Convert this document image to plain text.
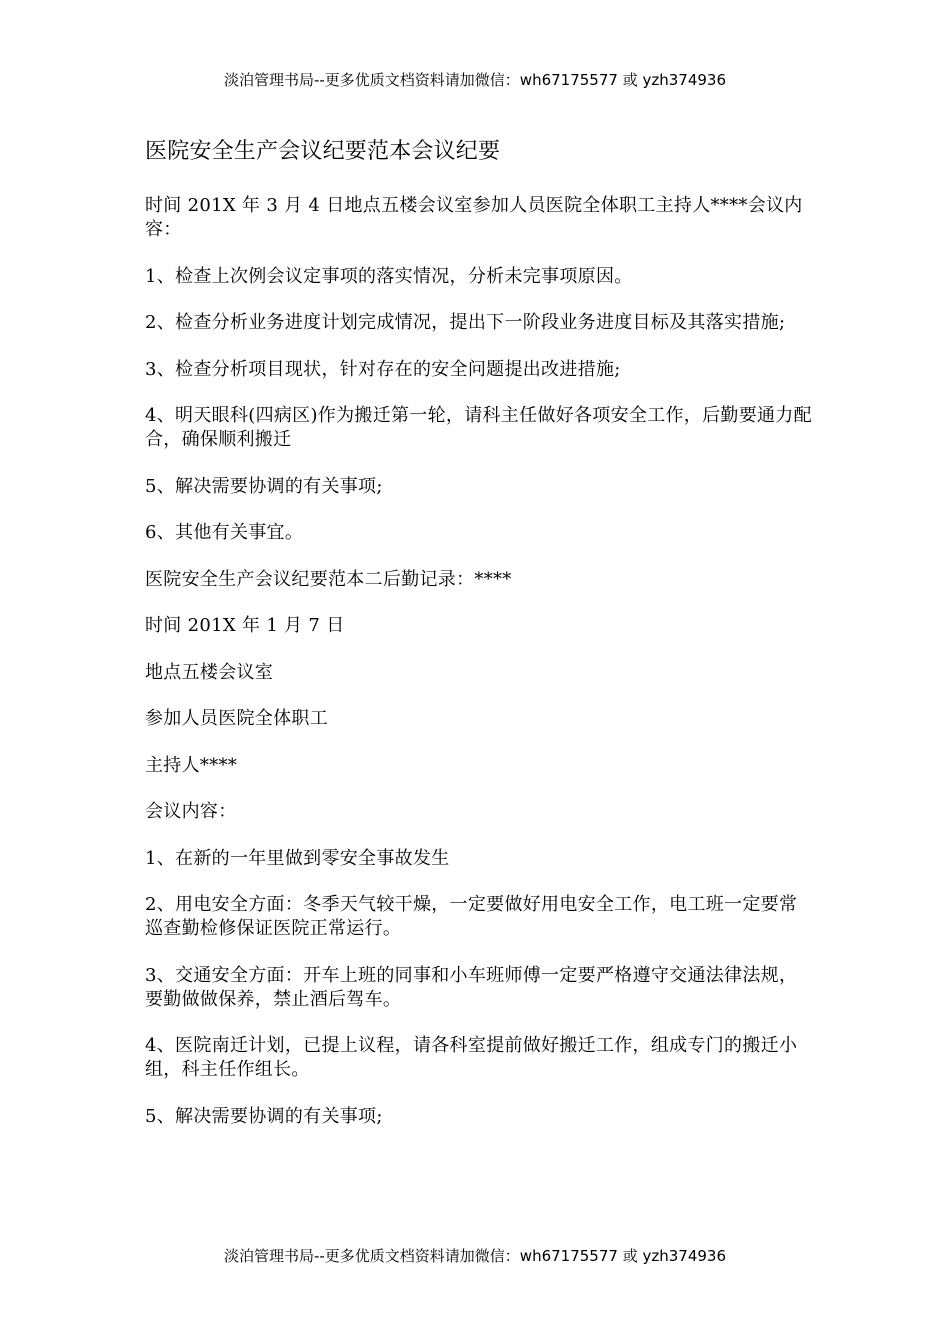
淡泊管理书局--更多优质文档资料请加微信：wh67175577 或 yzh374936
医院安全生产会议纪要范本会议纪要
时间 201X 年 3 月 4 日地点五楼会议室参加人员医院全体职工主持人****会议内容：
1、检查上次例会议定事项的落实情况，分析未完事项原因。
2、检查分析业务进度计划完成情况，提出下一阶段业务进度目标及其落实措施;
3、检查分析项目现状，针对存在的安全问题提出改进措施;
4、明天眼科(四病区)作为搬迁第一轮，请科主任做好各项安全工作，后勤要通力配合，确保顺利搬迁
5、解决需要协调的有关事项;
6、其他有关事宜。
医院安全生产会议纪要范本二后勤记录：****
时间 201X 年 1 月 7 日
地点五楼会议室
参加人员医院全体职工
主持人****
会议内容：
1、在新的一年里做到零安全事故发生
2、用电安全方面：冬季天气较干燥，一定要做好用电安全工作，电工班一定要常巡查勤检修保证医院正常运行。
3、交通安全方面：开车上班的同事和小车班师傅一定要严格遵守交通法律法规，要勤做做保养，禁止酒后驾车。
4、医院南迁计划，已提上议程，请各科室提前做好搬迁工作，组成专门的搬迁小组，科主任作组长。
5、解决需要协调的有关事项;
淡泊管理书局--更多优质文档资料请加微信：wh67175577 或 yzh374936
